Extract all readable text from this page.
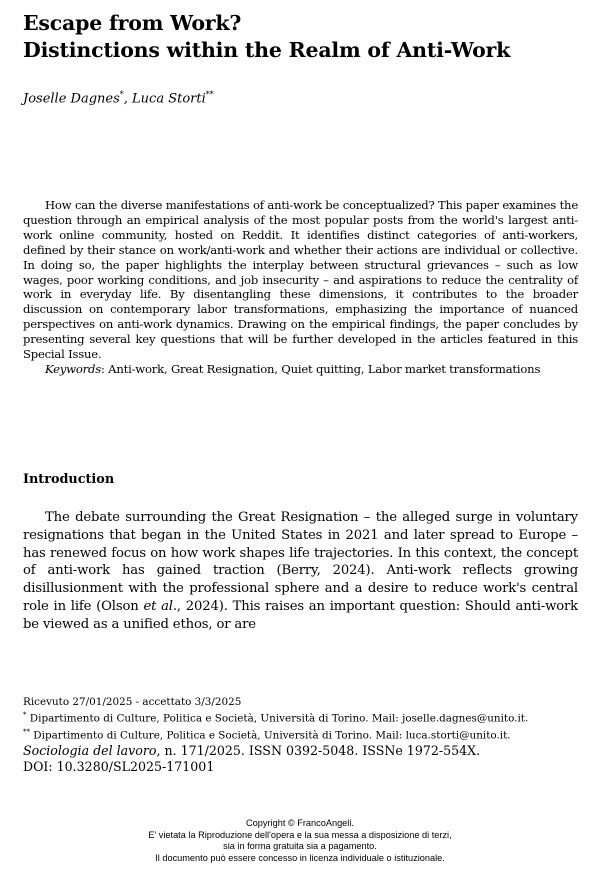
Escape from Work?
Distinctions within the Realm of Anti-Work
Joselle Dagnes*, Luca Storti**

How can the diverse manifestations of anti-work be conceptualized? This paper examines the question through an empirical analysis of the most popular posts from the world's largest anti-work online community, hosted on Reddit. It identifies distinct categories of anti-workers, defined by their stance on work/anti-work and whether their actions are individual or collective. In doing so, the paper highlights the interplay between structural grievances – such as low wages, poor working conditions, and job insecurity – and aspirations to reduce the centrality of work in everyday life. By disentangling these dimensions, it contributes to the broader discussion on contemporary labor transformations, emphasizing the importance of nuanced perspectives on anti-work dynamics. Drawing on the empirical findings, the paper concludes by presenting several key questions that will be further developed in the articles featured in this Special Issue.

Keywords: Anti-work, Great Resignation, Quiet quitting, Labor market transformations

Introduction

The debate surrounding the Great Resignation – the alleged surge in voluntary resignations that began in the United States in 2021 and later spread to Europe – has renewed focus on how work shapes life trajectories. In this context, the concept of anti-work has gained traction (Berry, 2024). Anti-work reflects growing disillusionment with the professional sphere and a desire to reduce work's central role in life (Olson et al., 2024). This raises an important question: Should anti-work be viewed as a unified ethos, or are

Ricevuto 27/01/2025 - accettato 3/3/2025
* Dipartimento di Culture, Politica e Società, Università di Torino. Mail: joselle.dagnes@unito.it.
** Dipartimento di Culture, Politica e Società, Università di Torino. Mail: luca.storti@unito.it.
Sociologia del lavoro, n. 171/2025. ISSN 0392-5048. ISSNe 1972-554X.
DOI: 10.3280/SL2025-171001
Copyright © FrancoAngeli.
E' vietata la Riproduzione dell'opera e la sua messa a disposizione di terzi,
sia in forma gratuita sia a pagamento.
Il documento può essere concesso in licenza individuale o istituzionale.
